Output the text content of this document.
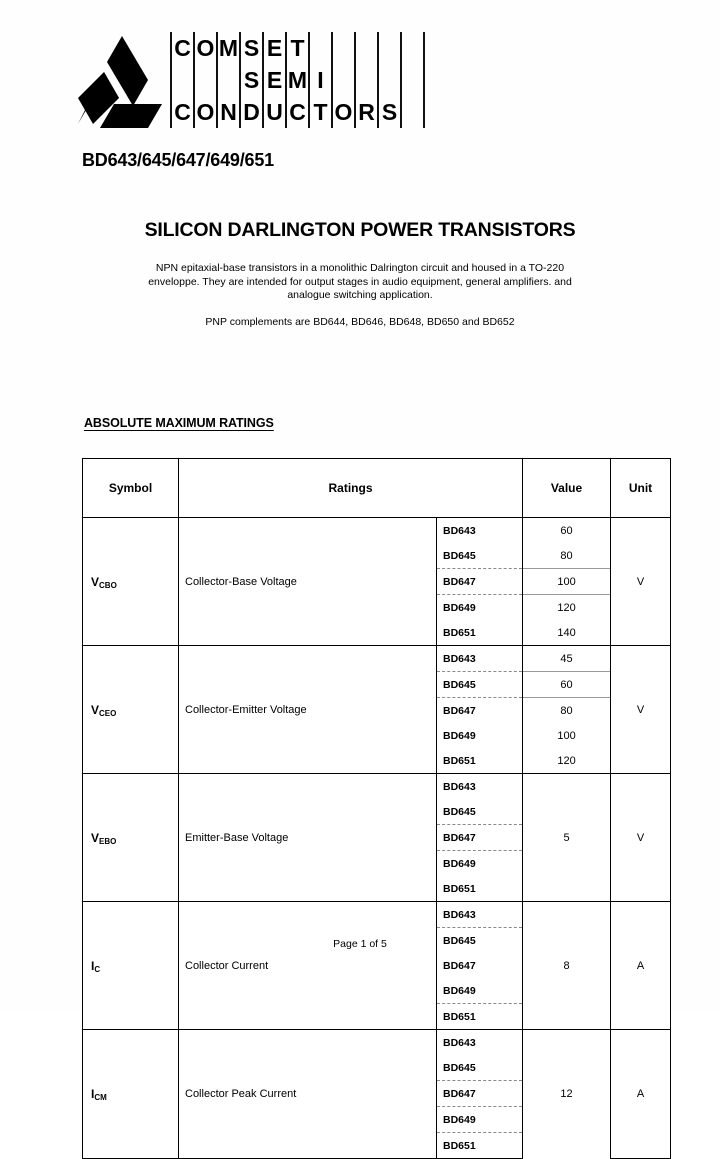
C O M S E T
S E M I
C O N D U C T O R S
BD643/645/647/649/651
SILICON DARLINGTON POWER TRANSISTORS
NPN epitaxial-base transistors in a monolithic Dalrington circuit and housed in a TO-220 enveloppe. They are intended for output stages in audio equipment, general amplifiers. and analogue switching application.
PNP complements are BD644, BD646, BD648, BD650 and BD652
ABSOLUTE MAXIMUM RATINGS
Symbol	Ratings		Value	Unit
VCBO	Collector-Base Voltage	BD643	60	V
		BD645	80	
		BD647	100	
		BD649	120	
		BD651	140	
VCEO	Collector-Emitter Voltage	BD643	45	V
		BD645	60	
		BD647	80	
		BD649	100	
		BD651	120	
VEBO	Emitter-Base Voltage	BD643	5	V
		BD645		
		BD647		
		BD649		
		BD651		
IC	Collector Current	BD643	8	A
		BD645		
		BD647		
		BD649		
		BD651		
ICM	Collector Peak Current	BD643	12	A
		BD645		
		BD647		
		BD649		
		BD651		
Page 1 of 5
